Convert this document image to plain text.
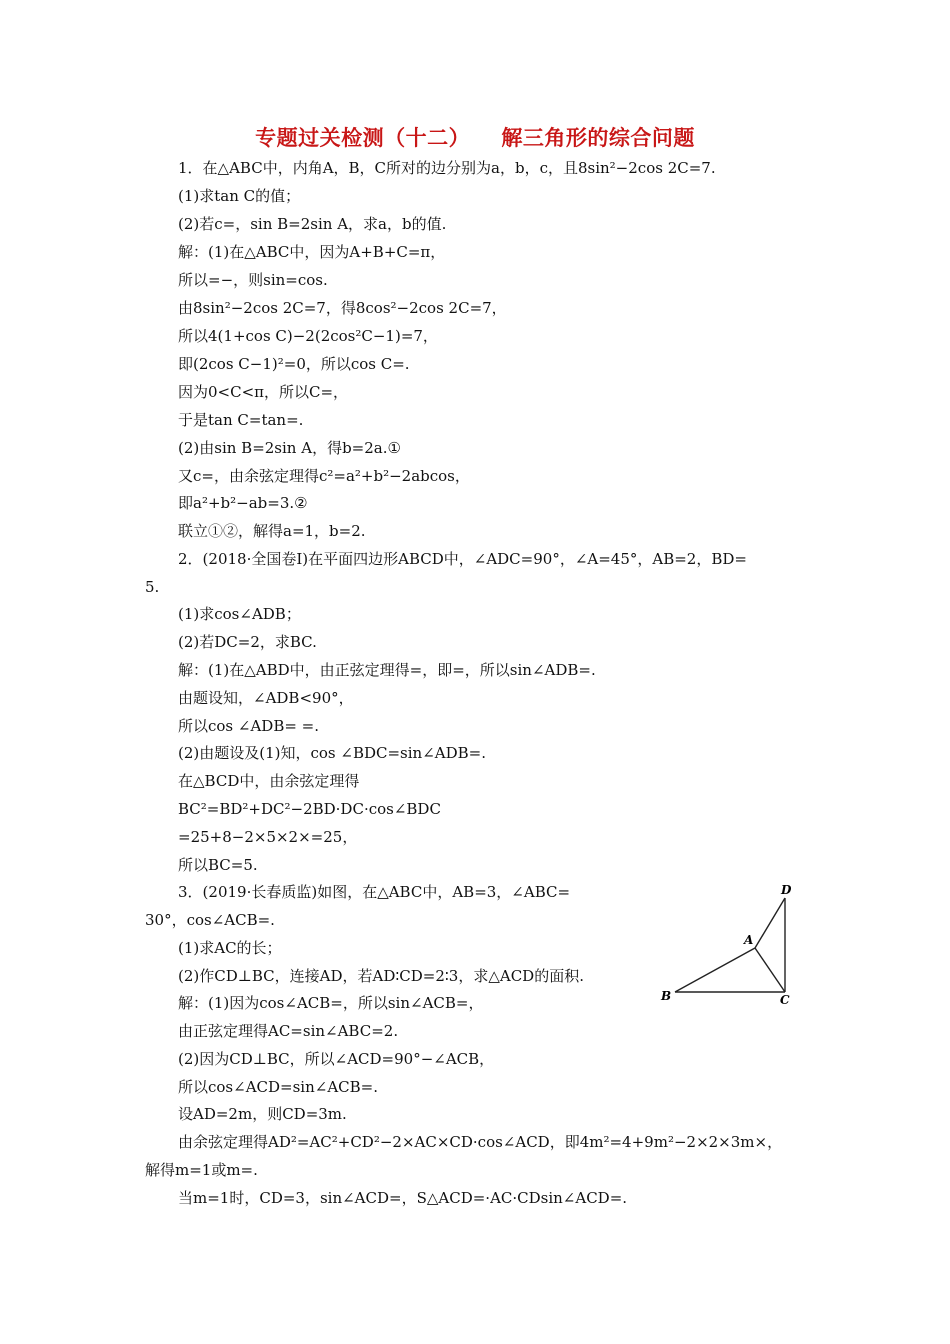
专题过关检测（十二）    解三角形的综合问题
1．在△ABC中，内角A，B，C所对的边分别为a，b，c，且8sin²−2cos 2C=7.
(1)求tan C的值；
(2)若c=，sin B=2sin A，求a，b的值.
解：(1)在△ABC中，因为A+B+C=π，
所以=−，则sin=cos.
由8sin²−2cos 2C=7，得8cos²−2cos 2C=7，
所以4(1+cos C)−2(2cos²C−1)=7，
即(2cos C−1)²=0，所以cos C=.
因为0<C<π，所以C=，
于是tan C=tan=.
(2)由sin B=2sin A，得b=2a.①
又c=，由余弦定理得c²=a²+b²−2abcos，
即a²+b²−ab=3.②
联立①②，解得a=1，b=2.
2．(2018·全国卷Ⅰ)在平面四边形ABCD中，∠ADC=90°，∠A=45°，AB=2，BD=
5.
(1)求cos∠ADB；
(2)若DC=2，求BC.
解：(1)在△ABD中，由正弦定理得=，即=，所以sin∠ADB=.
由题设知，∠ADB<90°，
所以cos ∠ADB= =.
(2)由题设及(1)知，cos ∠BDC=sin∠ADB=.
在△BCD中，由余弦定理得
BC²=BD²+DC²−2BD·DC·cos∠BDC
=25+8−2×5×2×=25，
所以BC=5.
3．(2019·长春质监)如图，在△ABC中，AB=3，∠ABC=
30°，cos∠ACB=.
(1)求AC的长；
(2)作CD⊥BC，连接AD，若AD∶CD=2∶3，求△ACD的面积.
解：(1)因为cos∠ACB=，所以sin∠ACB=，
由正弦定理得AC=sin∠ABC=2.
(2)因为CD⊥BC，所以∠ACD=90°−∠ACB，
所以cos∠ACD=sin∠ACB=.
设AD=2m，则CD=3m.
由余弦定理得AD²=AC²+CD²−2×AC×CD·cos∠ACD，即4m²=4+9m²−2×2×3m×，
解得m=1或m=.
当m=1时，CD=3，sin∠ACD=，S△ACD=·AC·CDsin∠ACD=.
D
A
B	C
